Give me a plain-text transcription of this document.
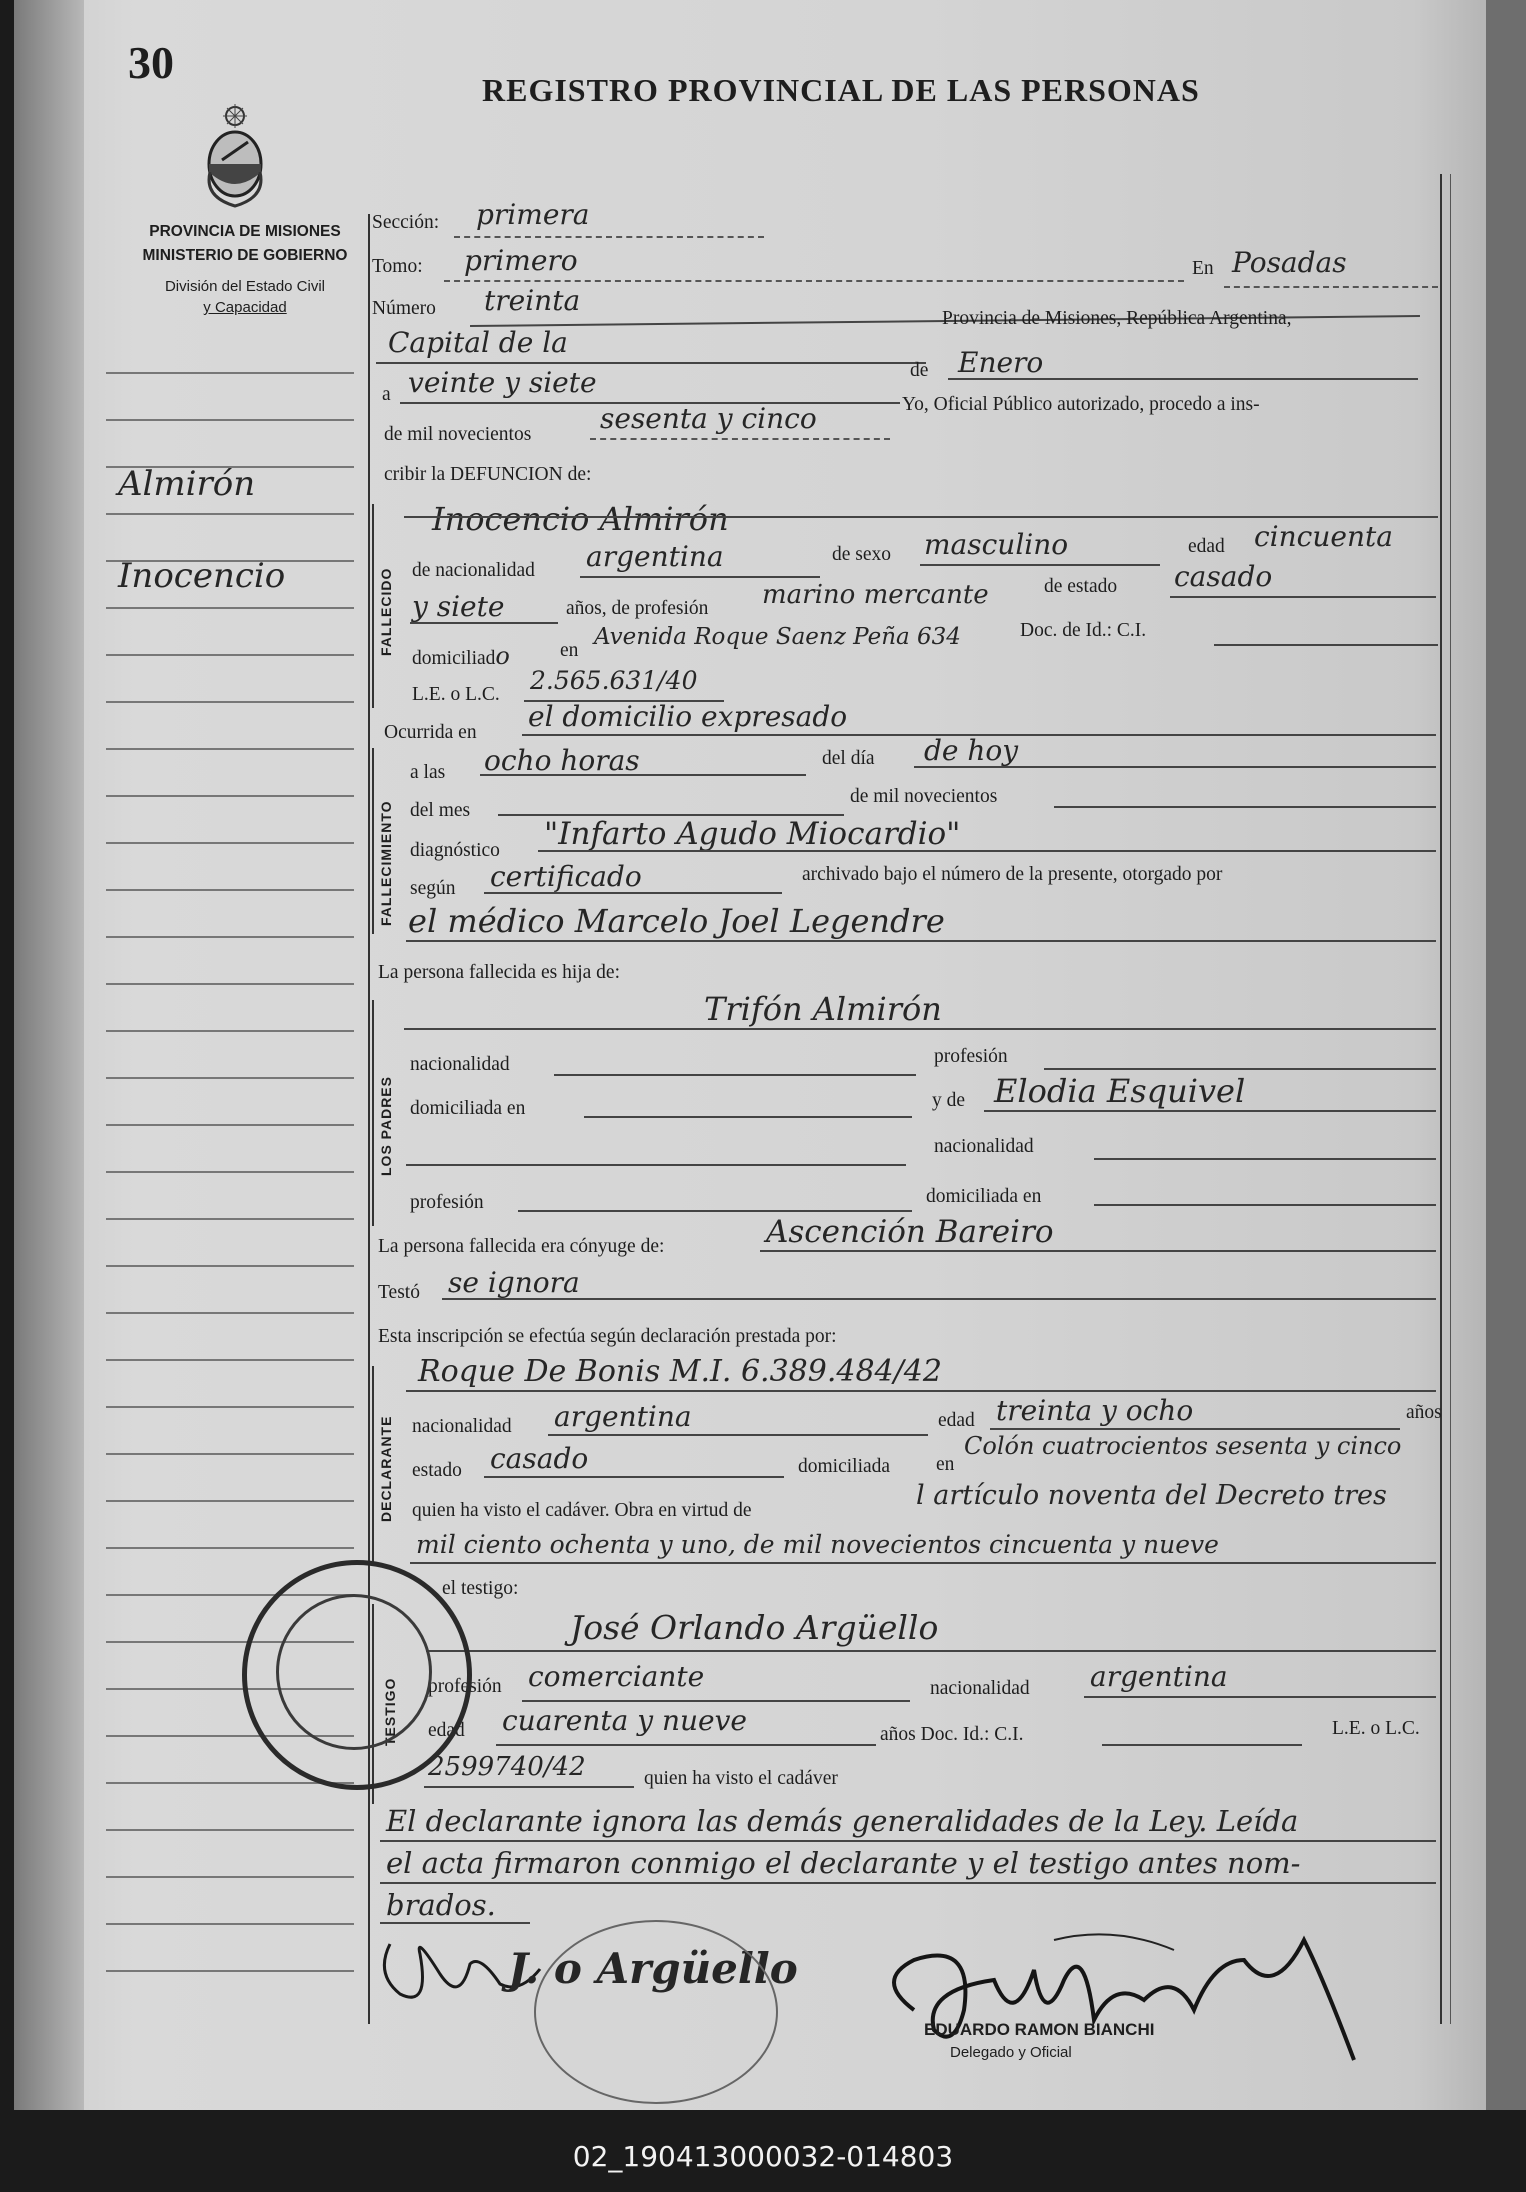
30
REGISTRO PROVINCIAL DE LAS PERSONAS
PROVINCIA DE MISIONES
MINISTERIO DE GOBIERNO
División del Estado Civil
y Capacidad
Almirón
Inocencio
Sección: primera
Tomo: primero	En Posadas
Número treinta
Capital de la
Provincia de Misiones, República Argentina,
a veinte y siete	de Enero
de mil novecientos sesenta y cinco	Yo, Oficial Público autorizado, procedo a ins-
cribir la DEFUNCION de:
FALLECIDO
Inocencio Almirón
de nacionalidad argentina	de sexo masculino	edad cincuenta
y siete	años, de profesión marino mercante	de estado casado
domiciliado	en
Avenida Roque Saenz Peña 634	Doc. de Id.: C.I.
L.E. o L.C. 2.565.631/40
Ocurrida en el domicilio expresado
FALLECIMIENTO
a las ocho horas	del día de hoy
del mes
de mil novecientos
diagnóstico "Infarto Agudo Miocardio"
según certificado	archivado bajo el número de la presente, otorgado por
el médico Marcelo Joel Legendre
La persona fallecida es hija de:
LOS PADRES
Trifón Almirón
nacionalidad	profesión
domiciliada en	y de Elodia Esquivel
nacionalidad
profesión	domiciliada en
La persona fallecida era cónyuge de:	Ascención Bareiro
Testó se ignora
Esta inscripción se efectúa según declaración prestada por:
DECLARANTE
Roque De Bonis M.I. 6.389.484/42
años
nacionalidad argentina	edad treinta y ocho
estado casado	domiciliada en
Colón cuatrocientos sesenta y cinco
quien ha visto el cadáver. Obra en virtud de	l artículo noventa del Decreto tres
mil ciento ochenta y uno, de mil novecientos cincuenta y nueve
el testigo:
TESTIGO
José Orlando Argüello
profesión comerciante	nacionalidad argentina
edad cuarenta y nueve	años Doc. Id.: C.I.	L.E. o L.C.
2599740/42	quien ha visto el cadáver
El declarante ignora las demás generalidades de la Ley. Leída
el acta firmaron conmigo el declarante y el testigo antes nom-
brados.
J. o Argüello
EDUARDO RAMON BIANCHI
Delegado y Oficial
02_190413000032-014803
